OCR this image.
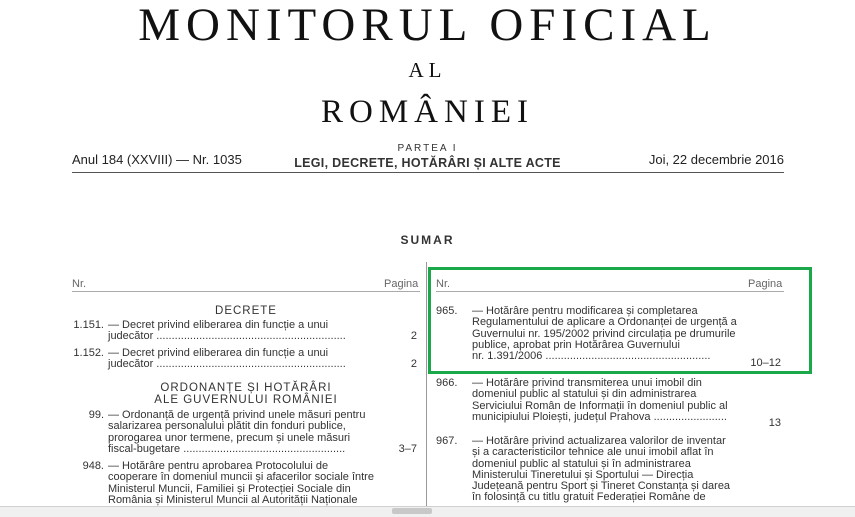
MONITORUL OFICIAL
AL
ROMÂNIEI
Anul 184 (XXVIII) — Nr. 1035
PARTEA I
LEGI, DECRETE, HOTĂRÂRI ȘI ALTE ACTE	Joi, 22 decembrie 2016
SUMAR
Nr.	Pagina Nr.	Pagina
DECRETE
1.151. — Decret privind eliberarea din funcție a unui
judecător ..............................................................	2
1.152. — Decret privind eliberarea din funcție a unui
judecător ..............................................................	2
ORDONANȚE ȘI HOTĂRÂRI
ALE GUVERNULUI ROMÂNIEI
99. — Ordonanță de urgență privind unele măsuri pentru
salarizarea personalului plătit din fonduri publice,
prorogarea unor termene, precum și unele măsuri
fiscal-bugetare .....................................................	3–7
948. — Hotărâre pentru aprobarea Protocolului de
cooperare în domeniul muncii și afacerilor sociale între
Ministerul Muncii, Familiei și Protecției Sociale din
România și Ministerul Muncii al Autorității Naționale
965. — Hotărâre pentru modificarea și completarea
Regulamentului de aplicare a Ordonanței de urgență a
Guvernului nr. 195/2002 privind circulația pe drumurile
publice, aprobat prin Hotărârea Guvernului
nr. 1.391/2006 ......................................................
10–12
966. — Hotărâre privind transmiterea unui imobil din
domeniul public al statului și din administrarea
Serviciului Român de Informații în domeniul public al
municipiului Ploiești, județul Prahova ........................
13
967. — Hotărâre privind actualizarea valorilor de inventar
și a caracteristicilor tehnice ale unui imobil aflat în
domeniul public al statului și în administrarea
Ministerului Tineretului și Sportului — Direcția
Județeană pentru Sport și Tineret Constanța și darea
în folosință cu titlu gratuit Federației Române de
